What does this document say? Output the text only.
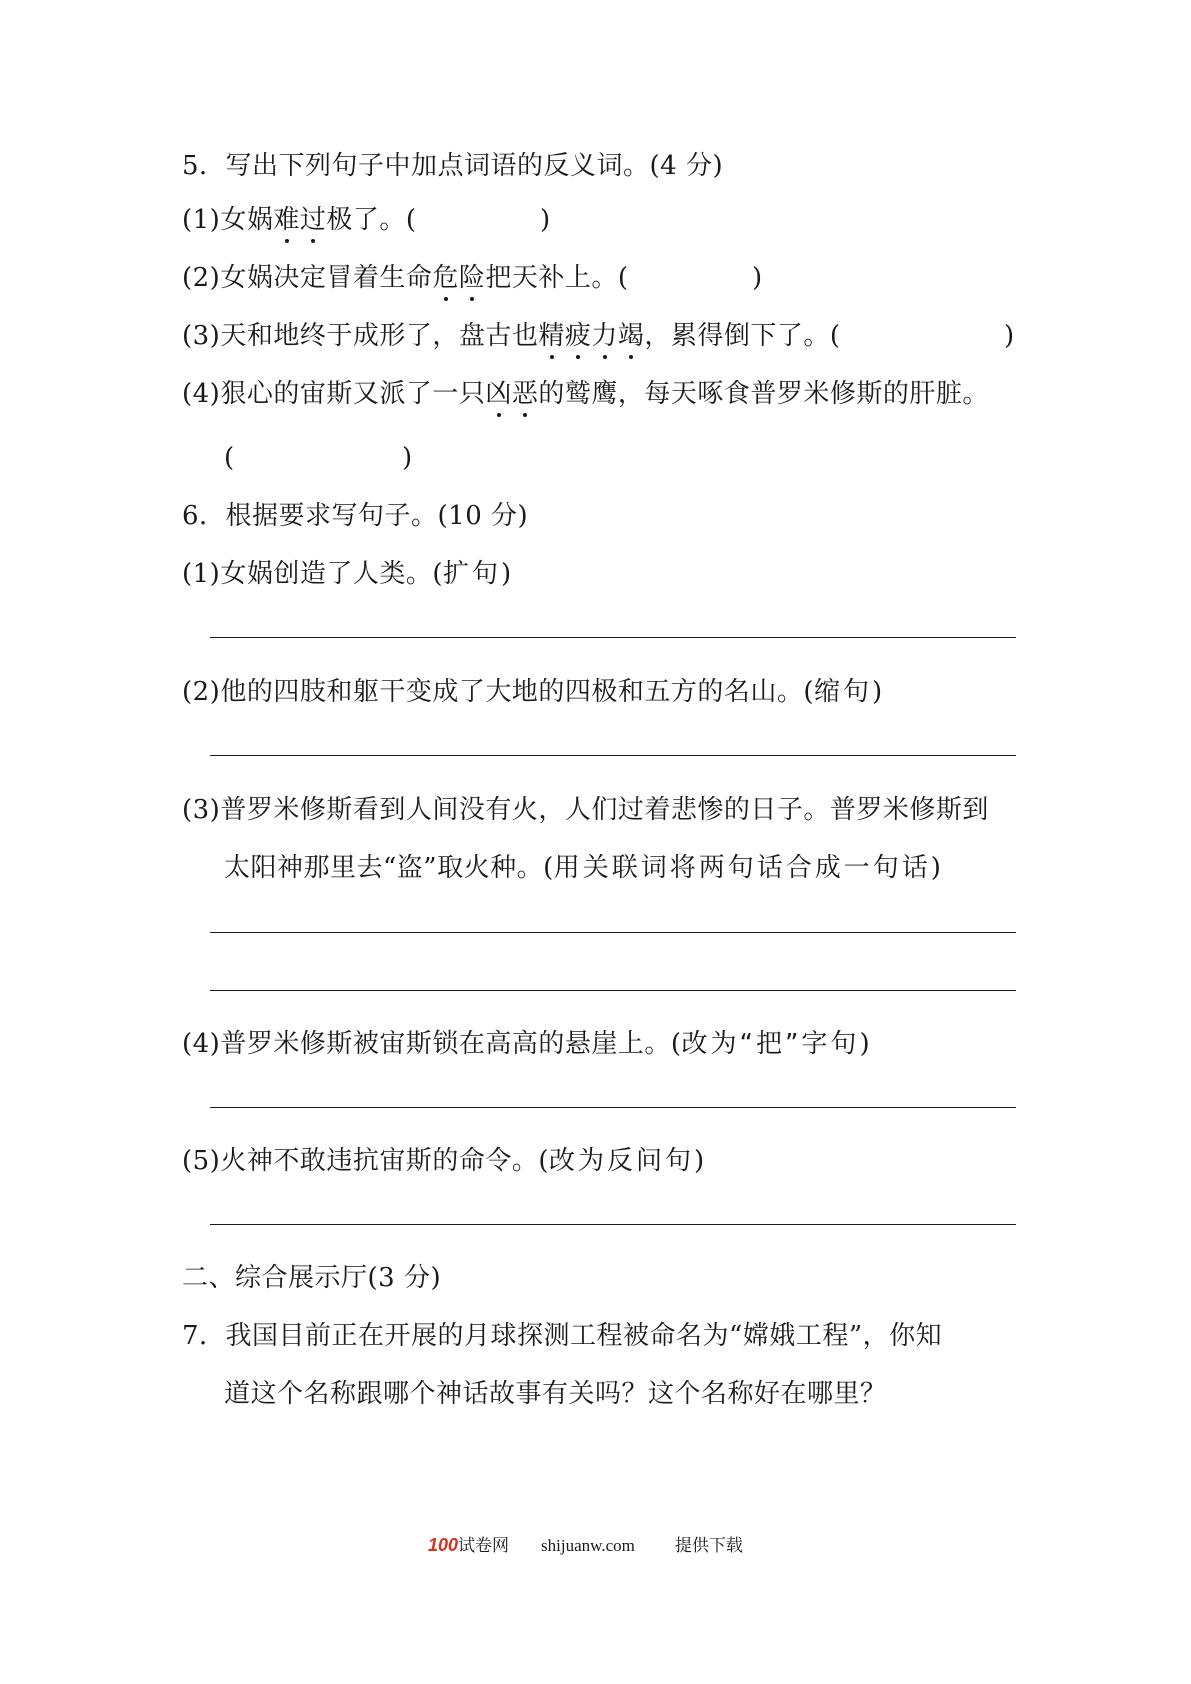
5．写出下列句子中加点词语的反义词。(4 分)
(1)女娲难过极了。(	)
(2)女娲决定冒着生命危险把天补上。(	)
(3)天和地终于成形了，盘古也精疲力竭，累得倒下了。(	)
(4)狠心的宙斯又派了一只凶恶的鹫鹰，每天啄食普罗米修斯的肝脏。
(	)
6．根据要求写句子。(10 分)
(1)女娲创造了人类。(扩句)
(2)他的四肢和躯干变成了大地的四极和五方的名山。(缩句)
(3)普罗米修斯看到人间没有火，人们过着悲惨的日子。普罗米修斯到
太阳神那里去“盗”取火种。(用关联词将两句话合成一句话)
(4)普罗米修斯被宙斯锁在高高的悬崖上。(改为“把”字句)
(5)火神不敢违抗宙斯的命令。(改为反问句)
二、综合展示厅(3 分)
7．我国目前正在开展的月球探测工程被命名为“嫦娥工程”，你知
道这个名称跟哪个神话故事有关吗？这个名称好在哪里？
100试卷网 shijuanw.com 提供下载
